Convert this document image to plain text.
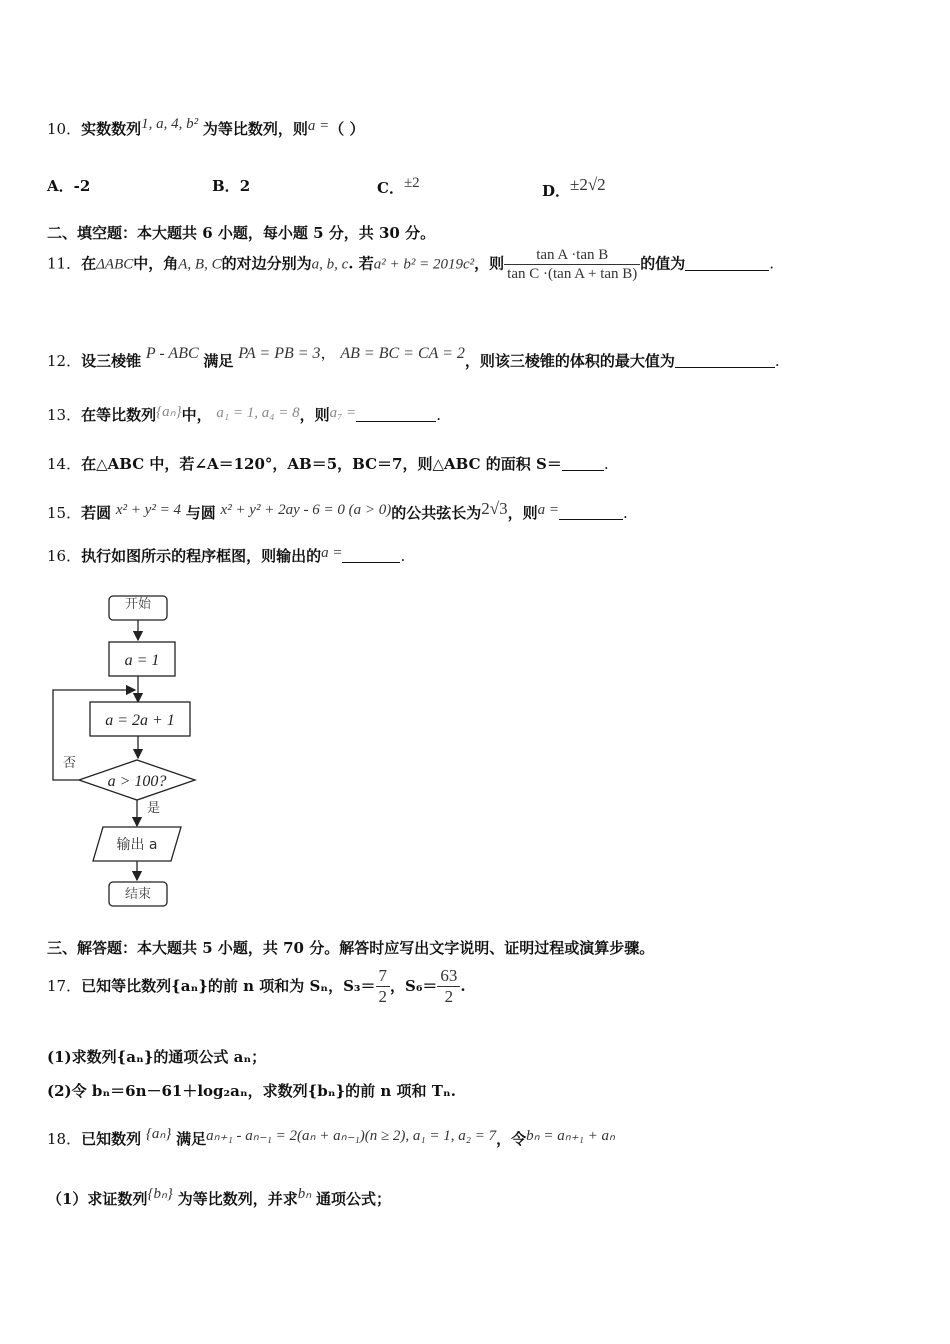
10．实数数列1, a, 4, b² 为等比数列，则a =（ ）
A．-2	B．2	C．±2	D．±2√2
二、填空题：本大题共 6 小题，每小题 5 分，共 30 分。
11．在ΔABC中，角A, B, C的对边分别为a, b, c. 若a² + b² = 2019c²，则 $\frac{\text{tan A ·tan B}}{\text{tan C ·(tan A + tan B)}}$ 的值为	.
12．设三棱锥 P - ABC 满足 PA = PB = 3， AB = BC = CA = 2，则该三棱锥的体积的最大值为	.
13．在等比数列{aₙ}中， a₁ = 1, a₄ = 8，则a₇ =	.
14．在△ABC 中，若∠A＝120°，AB＝5，BC＝7，则△ABC 的面积 S＝	.
15．若圆 x² + y² = 4 与圆 x² + y² + 2ay - 6 = 0 (a > 0)的公共弦长为2√3，则a =	.
16．执行如图所示的程序框图，则输出的a =	.
开始
a = 1
a = 2a + 1
a > 100?
否
是
输出 a
结束
三、解答题：本大题共 5 小题，共 70 分。解答时应写出文字说明、证明过程或演算步骤。
17．已知等比数列{aₙ}的前 n 项和为 Sₙ，$S_3= \frac{7}{2}$ ，$S_6= \frac{63}{2}$ .
(1)求数列{aₙ}的通项公式 aₙ；
(2)令 bₙ＝6n－61＋log₂aₙ，求数列{bₙ}的前 n 项和 Tₙ.
18．已知数列 {aₙ} 满足aₙ₊₁ - aₙ₋₁ = 2(aₙ + aₙ₋₁)(n ≥ 2), a₁ = 1, a₂ = 7，令bₙ = aₙ₊₁ + aₙ
（1）求证数列{bₙ} 为等比数列，并求bₙ 通项公式；
